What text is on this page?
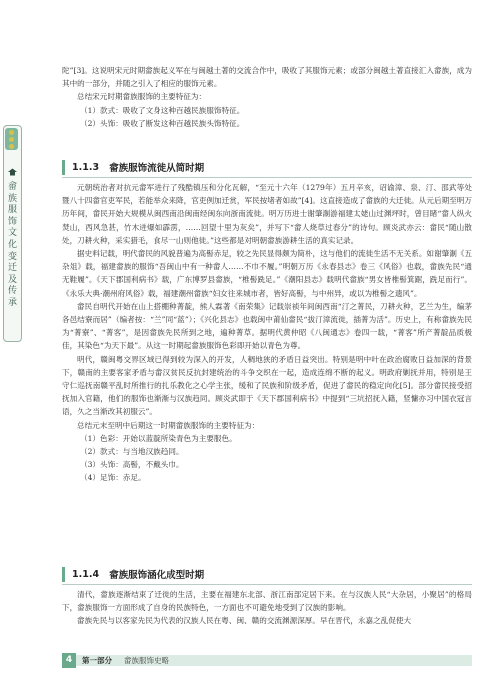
畲族服饰文化变迁及传承

陀”[3]。这说明宋元时期畲族起义军在与闽越土著的交流合作中，吸收了其服饰元素；或部分闽越土著直接汇入畲族，成为其中的一部分，并随之引入了相应的服饰元素。

总结宋元时期畲族服饰的主要特征为：

（1）款式：吸收了文身这种百越民族服饰特征。

（2）头饰：吸收了断发这种百越民族头饰特征。

1.1.3 畲族服饰流徙从简时期

元朝统治者对抗元畲军进行了残酷镇压和分化瓦解，“至元十六年（1279年）五月辛亥，诏谕漳、泉、汀、邵武等处暨八十四畲官吏军民，若能举众来降，官吏例加迁赏，军民按堵者如故”[4]。这直接造成了畲族的大迁徙。从元后期至明万历年间，畲民开始大规模从闽西南沿闽南经闽东向浙南流徙。明万历进士谢肇淛游福建太姥山过渊坪时，曾目睹“畲人纵火焚山，西风急甚，竹木迸爆如霹雳，……回望十里为灰矣”，并写下“畲人烧草过春分”的诗句。顾炎武亦云：畲民“随山散处，刀耕火种，采实猎毛，食尽一山则他徙。”这些都是对明朝畲族游耕生活的真实记录。

据史料记载，明代畲民的风貌普遍为高髻赤足，较之先民显得颇为简朴，这与他们的流徙生活不无关系。如谢肇淛《五杂俎》载，福建畲族的服饰“吾闽山中有一种畲人……不巾不履。”明朝万历《永春县志》卷三《风俗》也载，畲族先民“通无鞋履”。《天下郡国利病书》载，广东博罗县畲族，“椎髻跣足。”《潮阳县志》载明代畲族“男女皆椎髻箕踞，跣足而行”。《永乐大典·潮州府风俗》载，福建潮州畲族“妇女往来城市者，皆好高髻，与中州异，或以为椎髻之遗风”。

畲民自明代开始在山上搭棚种菁靛，熊人霖著《南荣集》记载崇祯年间闽西南“汀之菁民，刀耕火种，艺兰为生，编茅各邑结寮而居”（编者按：“兰”同“蓝”）；《兴化县志》也载闽中莆仙畲民“拔汀漳流徙，插菁为活”。历史上，有称畲族先民为“菁寮”、“菁客”，是因畲族先民所到之地，遍种菁草。据明代黄仲昭《八闽通志》卷四一载，“菁客”所产菁靛品质极佳，其染色“为天下最”。从这一时期起畲族服饰色彩即开始以青色为尊。

明代，赣闽粤交界区域已得到较为深入的开发，人稠地狭的矛盾日益突出。特别是明中叶在政治腐败日益加深的背景下，赣南的主要客家矛盾与畲汉贫民反抗封建统治的斗争交织在一起，造成连绵不断的起义。明政府剿抚并用，特别是王守仁巡抚南赣平乱时所推行的扎乐教化之心学主张，缓和了民族和阶级矛盾，促进了畲民的稳定向化[5]。部分畲民接受招抚加入官籍，他们的服饰也渐渐与汉族趋同。顾炎武即于《天下郡国利病书》中提到“三坑招抚入籍，竖慵亦习中国衣冠言语，久之当渐改其初服云”。

总结元末至明中后期这一时期畲族服饰的主要特征为：

（1）色彩：开始以蓝靛所染青色为主要服色。

（2）款式：与当地汉族趋同。

（3）头饰：高髻，不戴头巾。

（4）足饰：赤足。

1.1.4 畲族服饰涵化成型时期

清代，畲族逐渐结束了迁徙的生活，主要在福建东北部、浙江南部定居下来。在与汉族人民“大杂居，小聚居”的格局下，畲族服饰一方面形成了自身的民族特色，一方面也不可避免地受到了汉族的影响。

畲族先民与以客家先民为代表的汉族人民在粤、闽、赣的交流渊源深厚。早在晋代，永嘉之乱促使大

4	第一部分 畲族服饰史略
